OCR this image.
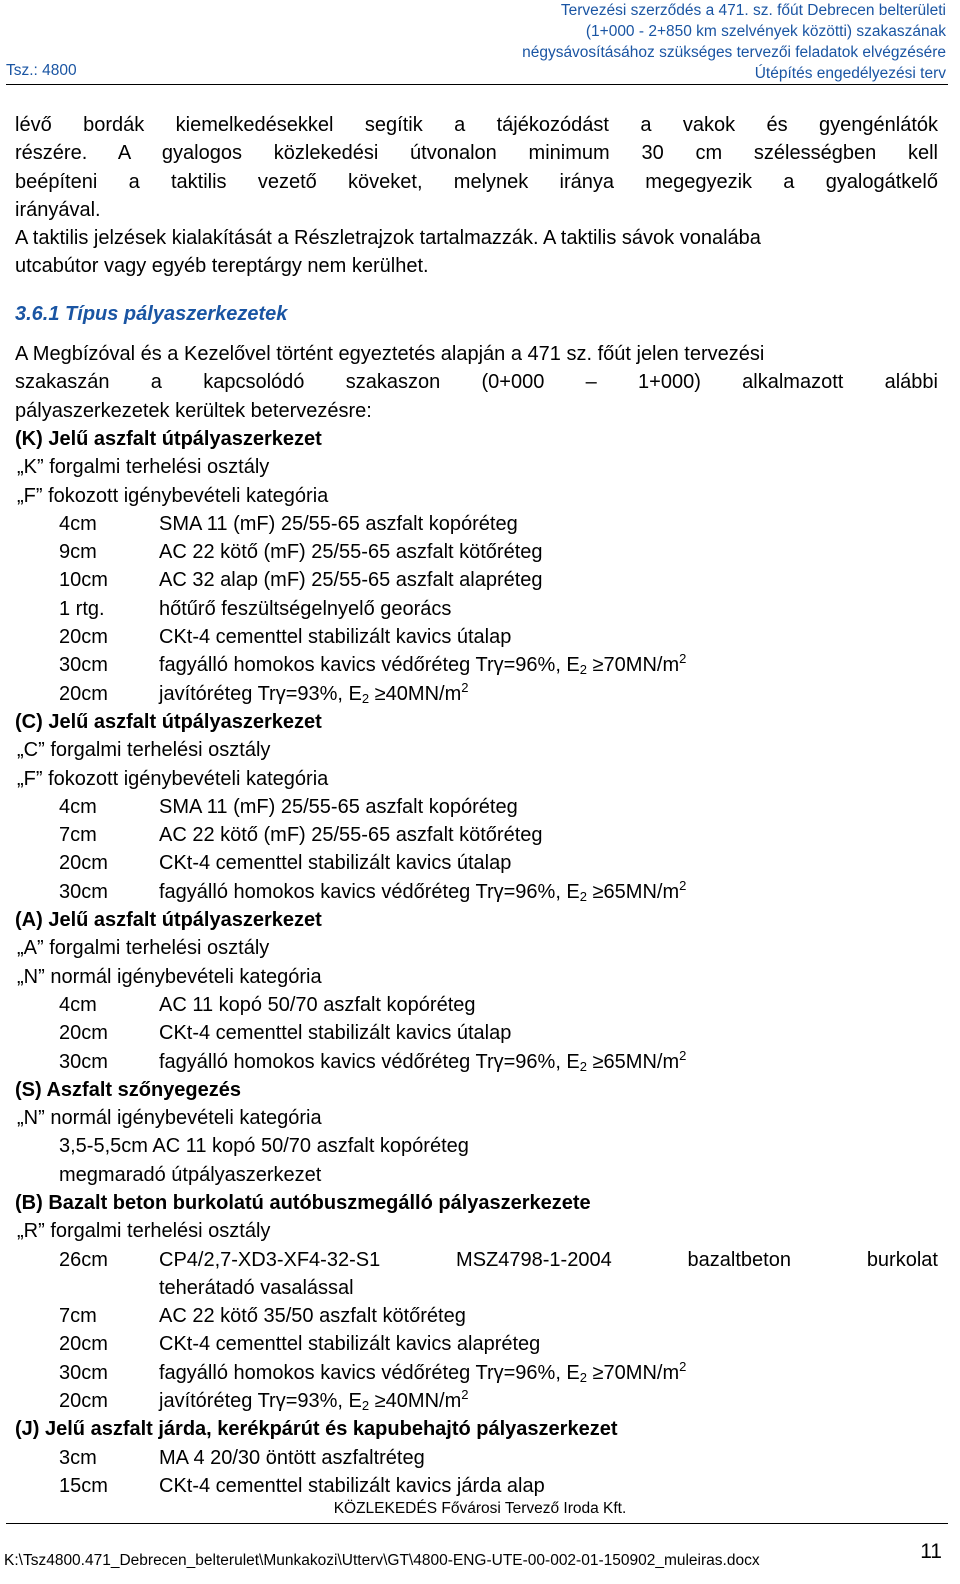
Tsz.: 4800
Tervezési szerződés a 471. sz. főút Debrecen belterületi
(1+000 - 2+850 km szelvények közötti) szakaszának
négysávosításához szükséges tervezői feladatok elvégzésére
Útépítés engedélyezési terv
lévő bordák kiemelkedésekkel segítik a tájékozódást a vakok és gyengénlátók
részére. A gyalogos közlekedési útvonalon minimum 30 cm szélességben kell
beépíteni a taktilis vezető köveket, melynek iránya megegyezik a gyalogátkelő
irányával.
A taktilis jelzések kialakítását a Részletrajzok tartalmazzák. A taktilis sávok vonalába
utcabútor vagy egyéb tereptárgy nem kerülhet.
3.6.1 Típus pályaszerkezetek
A Megbízóval és a Kezelővel történt egyeztetés alapján a 471 sz. főút jelen tervezési
szakaszán a kapcsolódó szakaszon (0+000 – 1+000) alkalmazott alábbi
pályaszerkezetek kerültek betervezésre:
(K) Jelű aszfalt útpályaszerkezet
„K” forgalmi terhelési osztály
„F” fokozott igénybevételi kategória
4cm	SMA 11 (mF) 25/55-65 aszfalt kopóréteg
9cm	AC 22 kötő (mF) 25/55-65 aszfalt kötőréteg
10cm	AC 32 alap (mF) 25/55-65 aszfalt alapréteg
1 rtg.	hőtűrő feszültségelnyelő georács
20cm	CKt-4 cementtel stabilizált kavics útalap
30cm	fagyálló homokos kavics védőréteg Trγ=96%, $E_2 \ge 70MN/m^2$
20cm	javítóréteg Trγ=93%, $E_2 \ge 40MN/m^2$
(C) Jelű aszfalt útpályaszerkezet
„C” forgalmi terhelési osztály
„F” fokozott igénybevételi kategória
4cm	SMA 11 (mF) 25/55-65 aszfalt kopóréteg
7cm	AC 22 kötő (mF) 25/55-65 aszfalt kötőréteg
20cm	CKt-4 cementtel stabilizált kavics útalap
30cm	fagyálló homokos kavics védőréteg Trγ=96%, $E_2 \ge 65MN/m^2$
(A) Jelű aszfalt útpályaszerkezet
„A” forgalmi terhelési osztály
„N” normál igénybevételi kategória
4cm	AC 11 kopó 50/70 aszfalt kopóréteg
20cm	CKt-4 cementtel stabilizált kavics útalap
30cm	fagyálló homokos kavics védőréteg Trγ=96%, $E_2 \ge 65MN/m^2$
(S) Aszfalt szőnyegezés
„N” normál igénybevételi kategória
3,5-5,5cm AC 11 kopó 50/70 aszfalt kopóréteg
megmaradó útpályaszerkezet
(B) Bazalt beton burkolatú autóbuszmegálló pályaszerkezete
„R” forgalmi terhelési osztály
26cm	CP4/2,7-XD3-XF4-32-S1	MSZ4798-1-2004	bazaltbeton	burkolat
teherátadó vasalással
7cm	AC 22 kötő 35/50 aszfalt kötőréteg
20cm	CKt-4 cementtel stabilizált kavics alapréteg
30cm	fagyálló homokos kavics védőréteg Trγ=96%, $E_2 \ge 70MN/m^2$
20cm	javítóréteg Trγ=93%, $E_2 \ge 40MN/m^2$
(J) Jelű aszfalt járda, kerékpárút és kapubehajtó pályaszerkezet
3cm	MA 4 20/30 öntött aszfaltréteg
15cm	CKt-4 cementtel stabilizált kavics járda alap
KÖZLEKEDÉS Fővárosi Tervező Iroda Kft.
K:\Tsz4800.471_Debrecen_belterulet\Munkakozi\Utterv\GT\4800-ENG-UTE-00-002-01-150902_muleiras.docx	11
